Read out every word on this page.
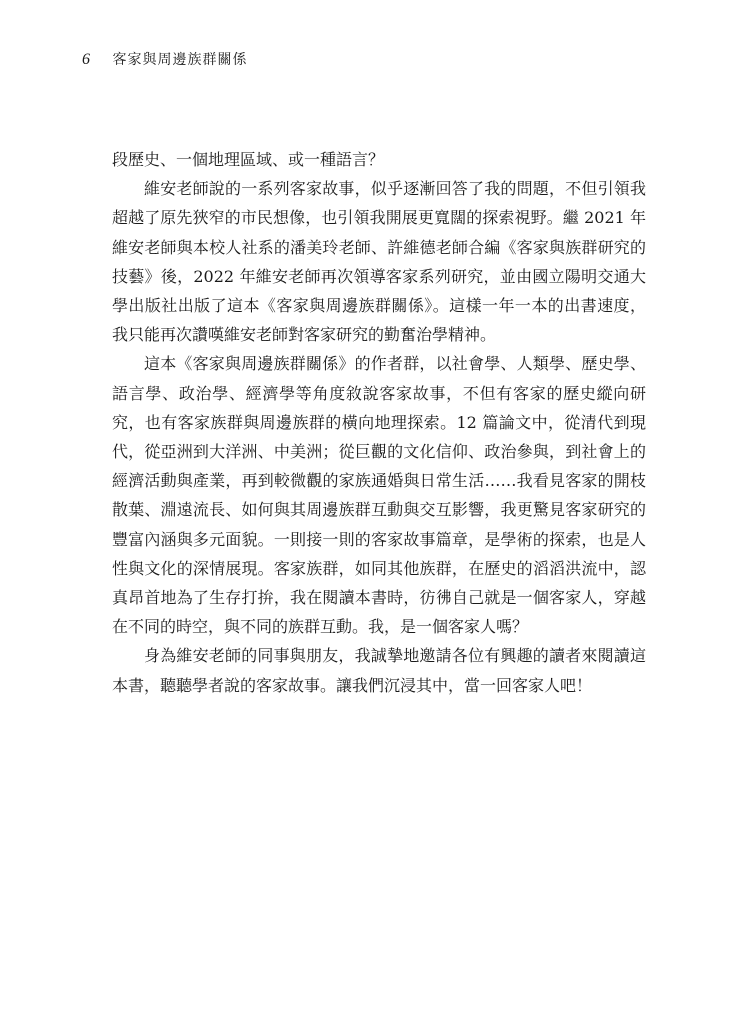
6 客家與周邊族群關係

段歷史、一個地理區域、或一種語言？

維安老師說的一系列客家故事，似乎逐漸回答了我的問題，不但引領我超越了原先狹窄的市民想像，也引領我開展更寬闊的探索視野。繼 2021 年維安老師與本校人社系的潘美玲老師、許維德老師合編《客家與族群研究的技藝》後，2022 年維安老師再次領導客家系列研究，並由國立陽明交通大學出版社出版了這本《客家與周邊族群關係》。這樣一年一本的出書速度，我只能再次讚嘆維安老師對客家研究的勤奮治學精神。

這本《客家與周邊族群關係》的作者群，以社會學、人類學、歷史學、語言學、政治學、經濟學等角度敘說客家故事，不但有客家的歷史縱向研究，也有客家族群與周邊族群的橫向地理探索。12 篇論文中，從清代到現代，從亞洲到大洋洲、中美洲；從巨觀的文化信仰、政治參與，到社會上的經濟活動與產業，再到較微觀的家族通婚與日常生活……我看見客家的開枝散葉、淵遠流長、如何與其周邊族群互動與交互影響，我更驚見客家研究的豐富內涵與多元面貌。一則接一則的客家故事篇章，是學術的探索，也是人性與文化的深情展現。客家族群，如同其他族群，在歷史的滔滔洪流中，認真昂首地為了生存打拚，我在閱讀本書時，彷彿自己就是一個客家人，穿越在不同的時空，與不同的族群互動。我，是一個客家人嗎？

身為維安老師的同事與朋友，我誠摯地邀請各位有興趣的讀者來閱讀這本書，聽聽學者說的客家故事。讓我們沉浸其中，當一回客家人吧！
